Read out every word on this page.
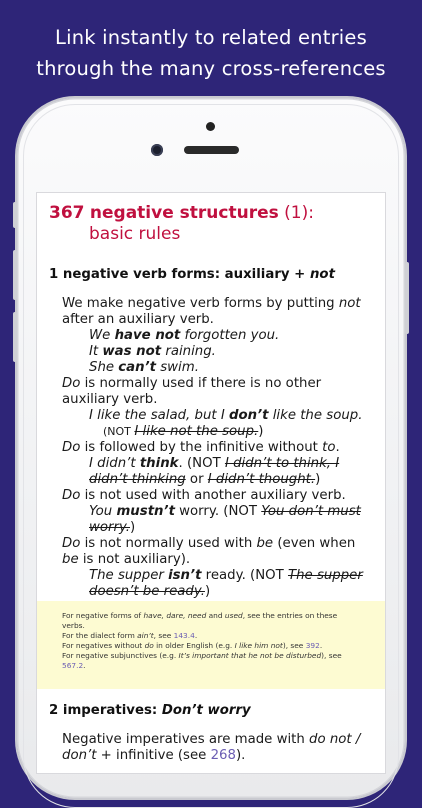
Link instantly to related entries
through the many cross-references
367 negative structures (1):
basic rules
1 negative verb forms: auxiliary + not
We make negative verb forms by putting not
after an auxiliary verb.
We have not forgotten you.
It was not raining.
She can’t swim.
Do is normally used if there is no other
auxiliary verb.
I like the salad, but I don’t like the soup.
(NOT I like not the soup.)
Do is followed by the infinitive without to.
I didn’t think. (NOT I didn’t to think, I
didn’t thinking or I didn’t thought.)
Do is not used with another auxiliary verb.
You mustn’t worry. (NOT You don’t must
worry.)
Do is not normally used with be (even when
be is not auxiliary).
The supper isn’t ready. (NOT The supper
doesn’t be ready.)
For negative forms of have, dare, need and used, see the entries on these
verbs.
For the dialect form ain’t, see 143.4.
For negatives without do in older English (e.g. I like him not), see 392.
For negative subjunctives (e.g. It’s important that he not be disturbed), see
567.2.
2 imperatives: Don’t worry
Negative imperatives are made with do not /
don’t + infinitive (see 268).
